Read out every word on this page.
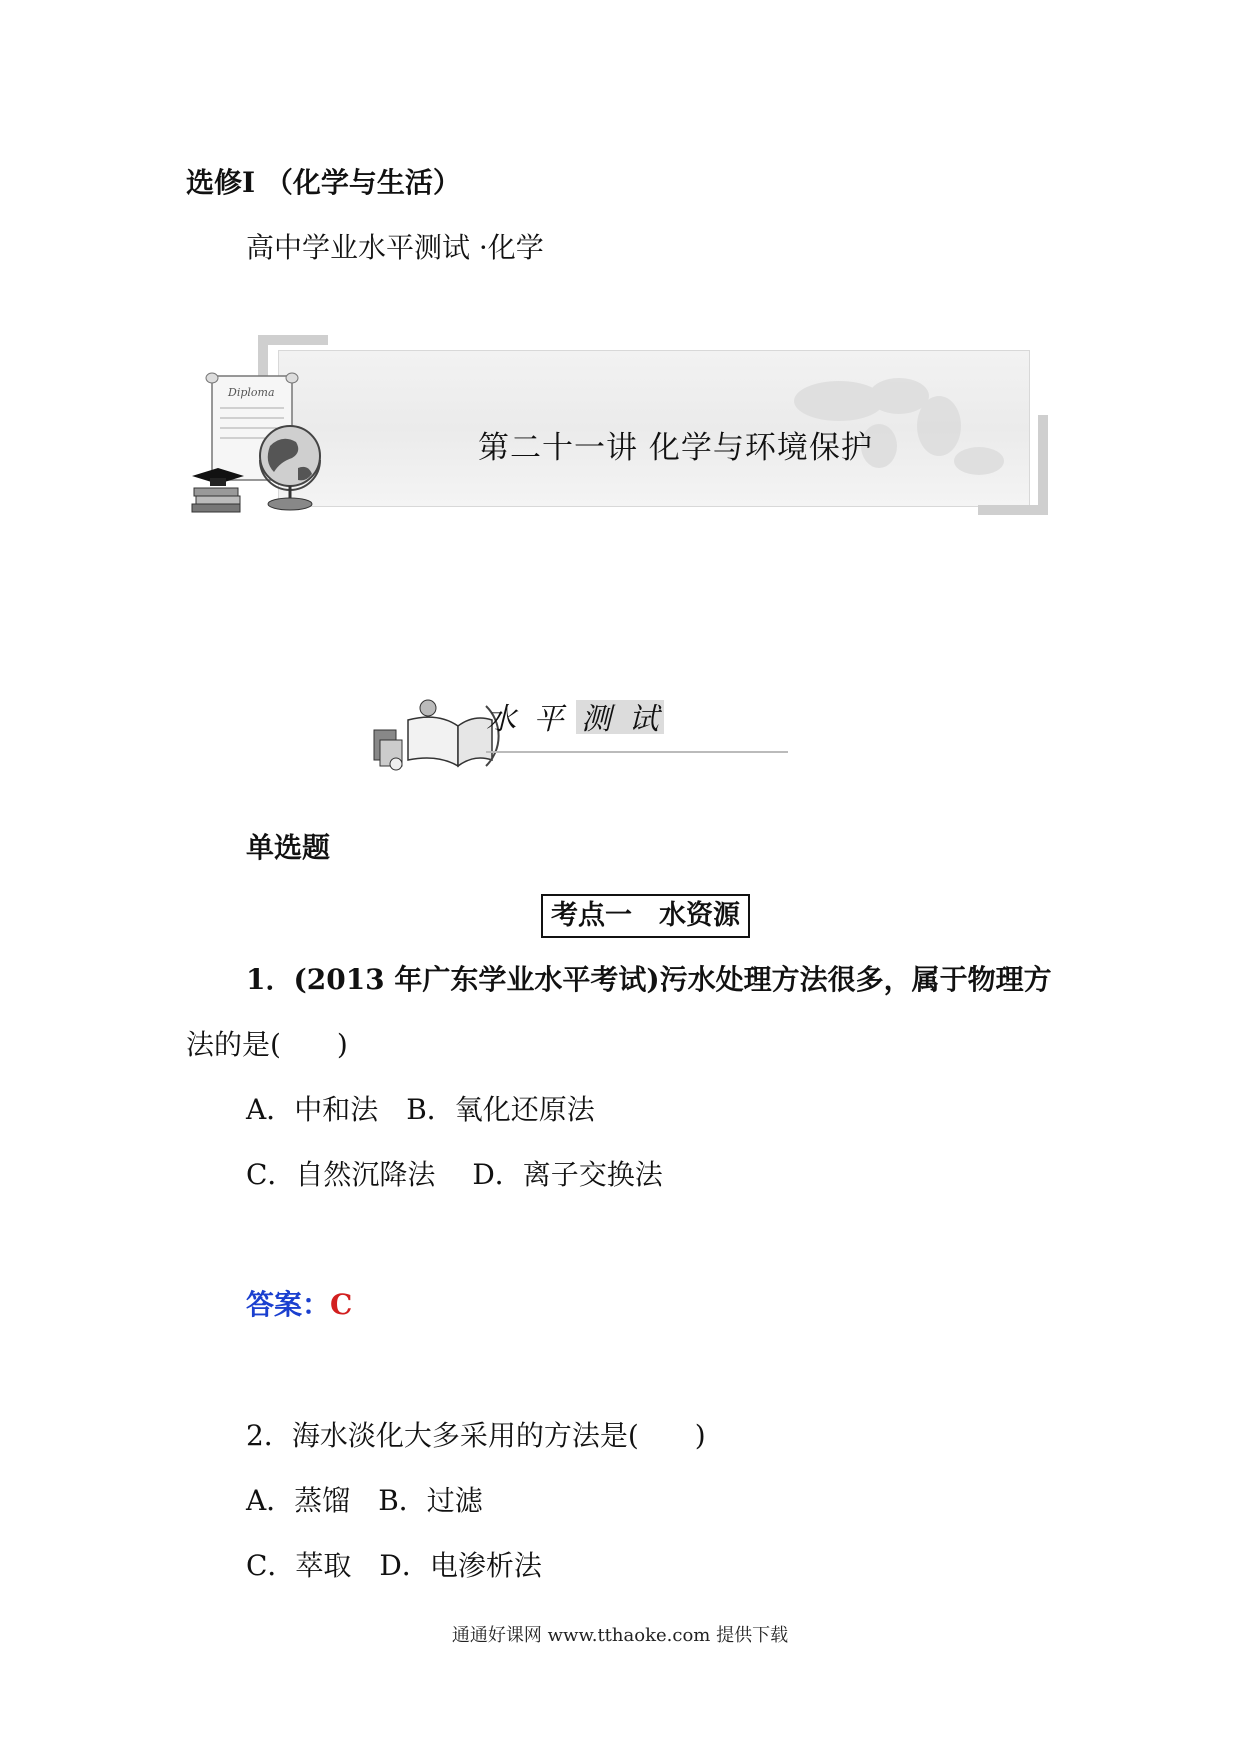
选修Ⅰ （化学与生活）
高中学业水平测试 ·化学
Diploma
第二十一讲 化学与环境保护
水 平 测 试
单选题
考点一　水资源
1．(2013 年广东学业水平考试)污水处理方法很多，属于物理方
法的是(　　)
A．中和法　B．氧化还原法
C．自然沉降法　 D．离子交换法
答案：C
2．海水淡化大多采用的方法是(　　)
A．蒸馏　B．过滤
C．萃取　D．电渗析法
通通好课网 www.tthaoke.com 提供下载
